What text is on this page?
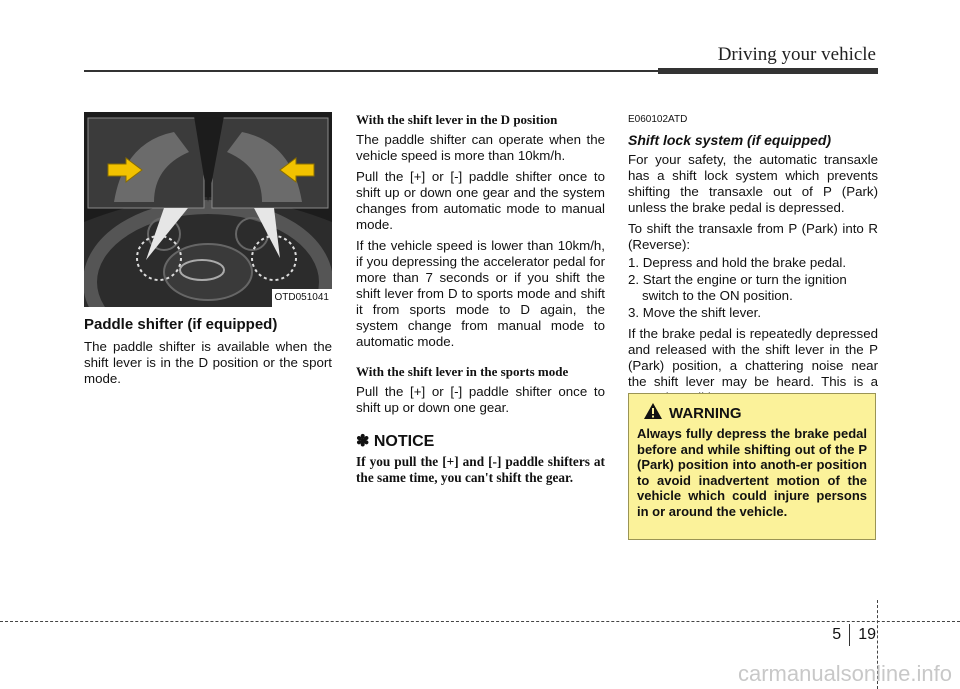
Driving your vehicle
OTD051041
Paddle shifter (if equipped)

The paddle shifter is available when the shift lever is in the D position or the sport mode.

With the shift lever in the D position

The paddle shifter can operate when the vehicle speed is more than 10km/h.

Pull the [+] or [-] paddle shifter once to shift up or down one gear and the system changes from automatic mode to manual mode.

If the vehicle speed is lower than 10km/h, if you depressing the accelerator pedal for more than 7 seconds or if you shift the shift lever from D to sports mode and shift it from sports mode to D again, the system change from manual mode to automatic mode.

With the shift lever in the sports mode

Pull the [+] or [-] paddle shifter once to shift up or down one gear.

✽ NOTICE
If you pull the [+] and [-] paddle shifters at the same time, you can't shift the gear.
E060102ATD
Shift lock system (if equipped)

For your safety, the automatic transaxle has a shift lock system which prevents shifting the transaxle out of P (Park) unless the brake pedal is depressed.

To shift the transaxle from P (Park) into R (Reverse):

1. Depress and hold the brake pedal.
2. Start the engine or turn the ignition switch to the ON position.
3. Move the shift lever.

If the brake pedal is repeatedly depressed and released with the shift lever in the P (Park) position, a chattering noise near the shift lever may be heard. This is a

WARNING
Always fully depress the brake pedal before and while shifting out of the P (Park) position into anoth-er position to avoid inadvertent motion of the vehicle which could injure persons in or around the vehicle.
5 19
carmanualsonline.info
